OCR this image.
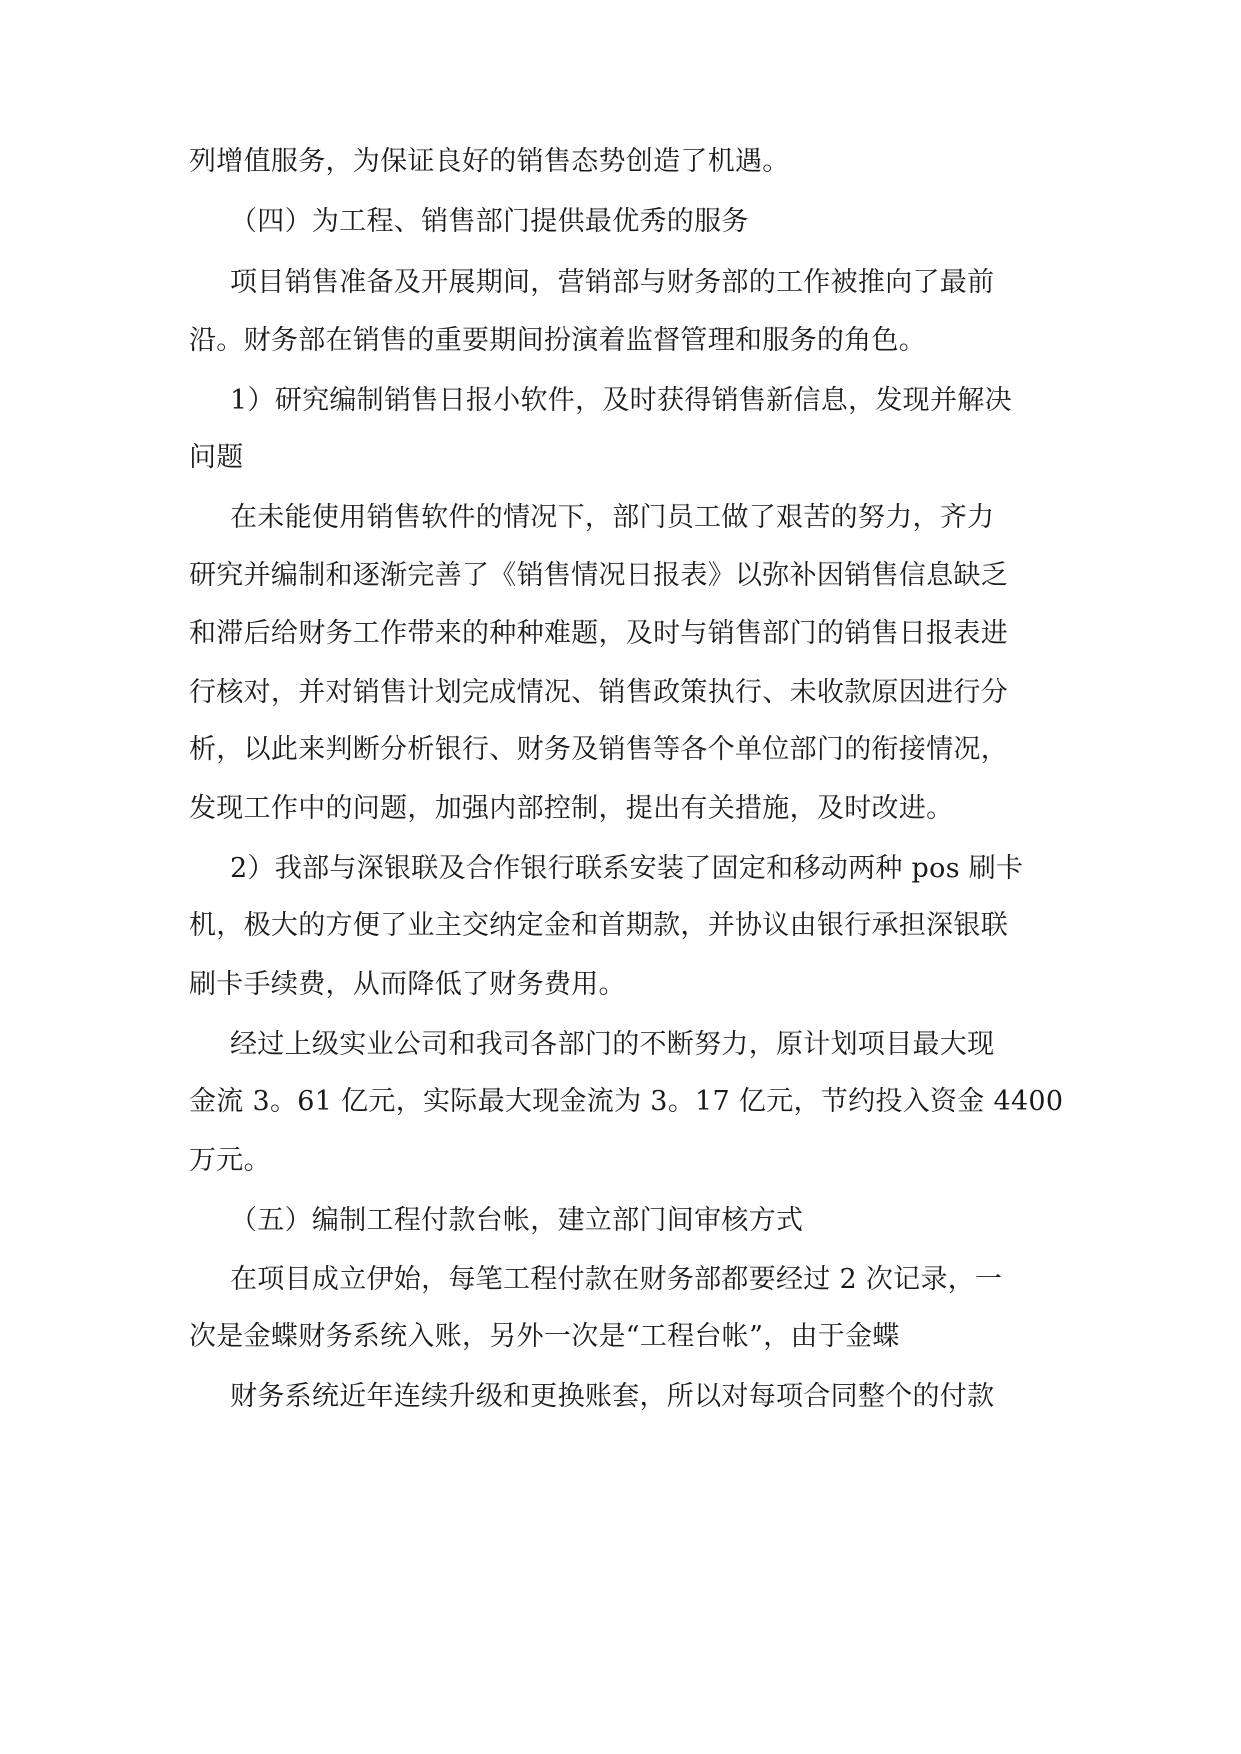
列增值服务，为保证良好的销售态势创造了机遇。

（四）为工程、销售部门提供最优秀的服务

项目销售准备及开展期间，营销部与财务部的工作被推向了最前

沿。财务部在销售的重要期间扮演着监督管理和服务的角色。

1）研究编制销售日报小软件，及时获得销售新信息，发现并解决

问题

在未能使用销售软件的情况下，部门员工做了艰苦的努力，齐力

研究并编制和逐渐完善了《销售情况日报表》以弥补因销售信息缺乏

和滞后给财务工作带来的种种难题，及时与销售部门的销售日报表进

行核对，并对销售计划完成情况、销售政策执行、未收款原因进行分

析，以此来判断分析银行、财务及销售等各个单位部门的衔接情况，

发现工作中的问题，加强内部控制，提出有关措施，及时改进。

2）我部与深银联及合作银行联系安装了固定和移动两种 pos 刷卡

机，极大的方便了业主交纳定金和首期款，并协议由银行承担深银联

刷卡手续费，从而降低了财务费用。

经过上级实业公司和我司各部门的不断努力，原计划项目最大现

金流 3。61 亿元，实际最大现金流为 3。17 亿元，节约投入资金 4400

万元。

（五）编制工程付款台帐，建立部门间审核方式

在项目成立伊始，每笔工程付款在财务部都要经过 2 次记录，一

次是金蝶财务系统入账，另外一次是“工程台帐”，由于金蝶

财务系统近年连续升级和更换账套，所以对每项合同整个的付款
